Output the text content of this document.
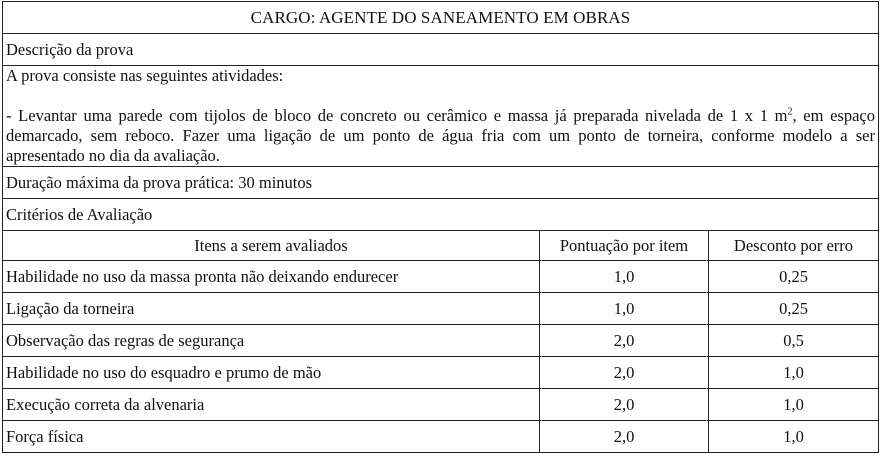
CARGO: AGENTE DO SANEAMENTO EM OBRAS		
Descrição da prova		

A prova consiste nas seguintes atividades:
- Levantar uma parede com tijolos de bloco de concreto ou cerâmico e massa já preparada nivelada de 1 x 1 $m^2$, em espaço demarcado, sem reboco. Fazer uma ligação de um ponto de água fria com um ponto de torneira, conforme modelo a ser apresentado no dia da avaliação.		

Duração máxima da prova prática: 30 minutos		
Critérios de Avaliação		
Itens a serem avaliados	Pontuação por item	Desconto por erro
Habilidade no uso da massa pronta não deixando endurecer	1,0	0,25
Ligação da torneira	1,0	0,25
Observação das regras de segurança	2,0	0,5
Habilidade no uso do esquadro e prumo de mão	2,0	1,0
Execução correta da alvenaria	2,0	1,0
Força física	2,0	1,0
